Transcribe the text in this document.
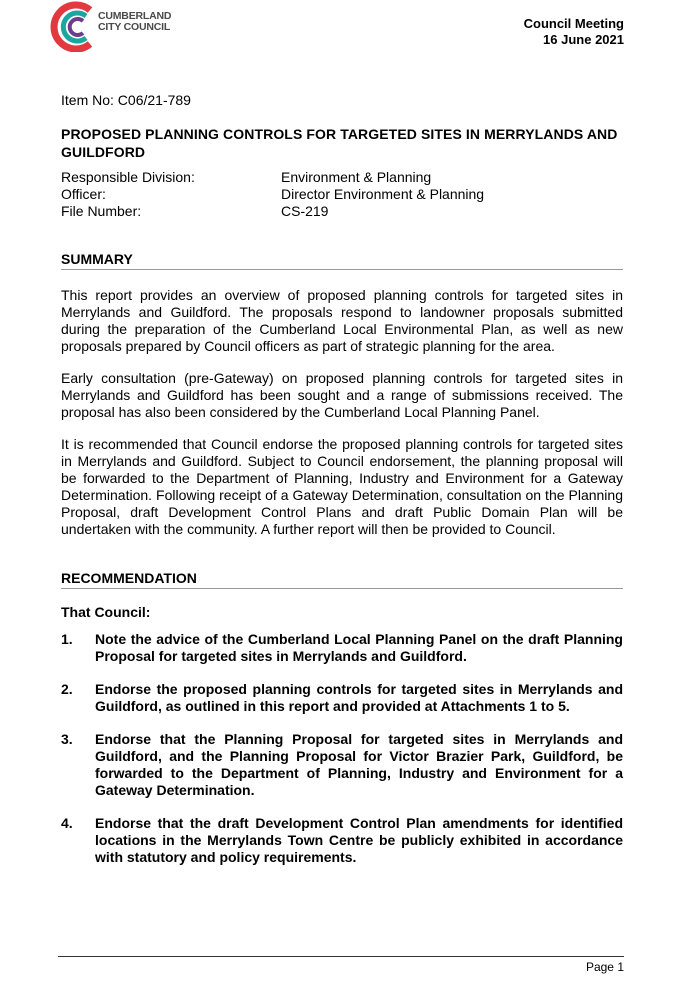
CUMBERLAND
CITY COUNCIL	Council Meeting
16 June 2021
Item No: C06/21-789
PROPOSED PLANNING CONTROLS FOR TARGETED SITES IN MERRYLANDS AND GUILDFORD
Responsible Division:	Environment & Planning
Officer:	Director Environment & Planning
File Number:	CS-219
SUMMARY

This report provides an overview of proposed planning controls for targeted sites in Merrylands and Guildford. The proposals respond to landowner proposals submitted during the preparation of the Cumberland Local Environmental Plan, as well as new proposals prepared by Council officers as part of strategic planning for the area.

Early consultation (pre-Gateway) on proposed planning controls for targeted sites in Merrylands and Guildford has been sought and a range of submissions received. The proposal has also been considered by the Cumberland Local Planning Panel.

It is recommended that Council endorse the proposed planning controls for targeted sites in Merrylands and Guildford. Subject to Council endorsement, the planning proposal will be forwarded to the Department of Planning, Industry and Environment for a Gateway Determination. Following receipt of a Gateway Determination, consultation on the Planning Proposal, draft Development Control Plans and draft Public Domain Plan will be undertaken with the community. A further report will then be provided to Council.

RECOMMENDATION
That Council:
1.	Note the advice of the Cumberland Local Planning Panel on the draft Planning Proposal for targeted sites in Merrylands and Guildford.
2.	Endorse the proposed planning controls for targeted sites in Merrylands and Guildford, as outlined in this report and provided at Attachments 1 to 5.
3.	Endorse that the Planning Proposal for targeted sites in Merrylands and Guildford, and the Planning Proposal for Victor Brazier Park, Guildford, be forwarded to the Department of Planning, Industry and Environment for a Gateway Determination.
4.	Endorse that the draft Development Control Plan amendments for identified locations in the Merrylands Town Centre be publicly exhibited in accordance with statutory and policy requirements.
Page 1
